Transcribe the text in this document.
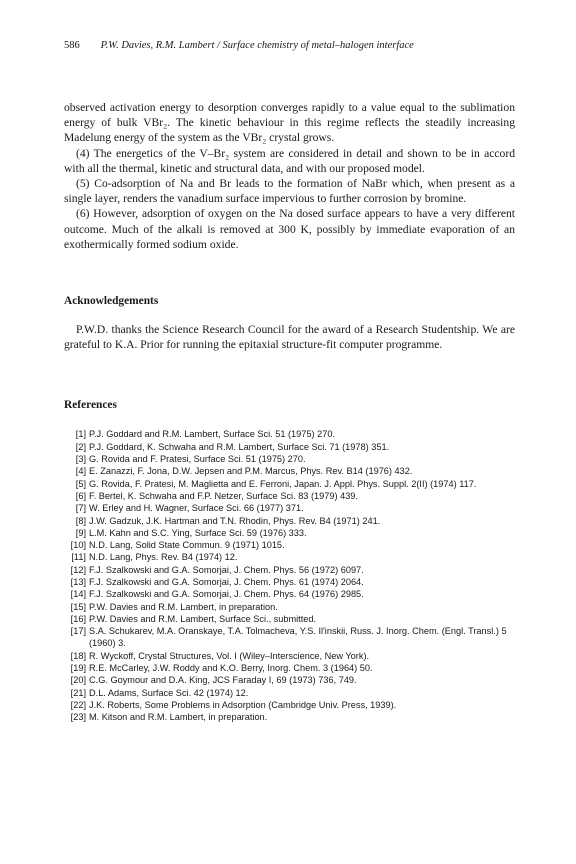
586 P.W. Davies, R.M. Lambert / Surface chemistry of metal–halogen interface

observed activation energy to desorption converges rapidly to a value equal to the sublimation energy of bulk VBr₂. The kinetic behaviour in this regime reflects the steadily increasing Madelung energy of the system as the VBr₂ crystal grows.

(4) The energetics of the V–Br₂ system are considered in detail and shown to be in accord with all the thermal, kinetic and structural data, and with our proposed model.

(5) Co-adsorption of Na and Br leads to the formation of NaBr which, when present as a single layer, renders the vanadium surface impervious to further corrosion by bromine.

(6) However, adsorption of oxygen on the Na dosed surface appears to have a very different outcome. Much of the alkali is removed at 300 K, possibly by immediate evaporation of an exothermically formed sodium oxide.

Acknowledgements

P.W.D. thanks the Science Research Council for the award of a Research Studentship. We are grateful to K.A. Prior for running the epitaxial structure-fit computer programme.

References
[1] P.J. Goddard and R.M. Lambert, Surface Sci. 51 (1975) 270.
[2] P.J. Goddard, K. Schwaha and R.M. Lambert, Surface Sci. 71 (1978) 351.
[3] G. Rovida and F. Pratesi, Surface Sci. 51 (1975) 270.
[4] E. Zanazzi, F. Jona, D.W. Jepsen and P.M. Marcus, Phys. Rev. B14 (1976) 432.
[5] G. Rovida, F. Pratesi, M. Maglietta and E. Ferroni, Japan. J. Appl. Phys. Suppl. 2(II) (1974) 117.
[6] F. Bertel, K. Schwaha and F.P. Netzer, Surface Sci. 83 (1979) 439.
[7] W. Erley and H. Wagner, Surface Sci. 66 (1977) 371.
[8] J.W. Gadzuk, J.K. Hartman and T.N. Rhodin, Phys. Rev. B4 (1971) 241.
[9] L.M. Kahn and S.C. Ying, Surface Sci. 59 (1976) 333.
[10] N.D. Lang, Solid State Commun. 9 (1971) 1015.
[11] N.D. Lang, Phys. Rev. B4 (1974) 12.
[12] F.J. Szalkowski and G.A. Somorjai, J. Chem. Phys. 56 (1972) 6097.
[13] F.J. Szalkowski and G.A. Somorjai, J. Chem. Phys. 61 (1974) 2064.
[14] F.J. Szalkowski and G.A. Somorjai, J. Chem. Phys. 64 (1976) 2985.
[15] P.W. Davies and R.M. Lambert, in preparation.
[16] P.W. Davies and R.M. Lambert, Surface Sci., submitted.
[17] S.A. Schukarev, M.A. Oranskaye, T.A. Tolmacheva, Y.S. Il'inskii, Russ. J. Inorg. Chem. (Engl. Transl.) 5 (1960) 3.
[18] R. Wyckoff, Crystal Structures, Vol. I (Wiley–Interscience, New York).
[19] R.E. McCarley, J.W. Roddy and K.O. Berry, Inorg. Chem. 3 (1964) 50.
[20] C.G. Goymour and D.A. King, JCS Faraday I, 69 (1973) 736, 749.
[21] D.L. Adams, Surface Sci. 42 (1974) 12.
[22] J.K. Roberts, Some Problems in Adsorption (Cambridge Univ. Press, 1939).
[23] M. Kitson and R.M. Lambert, in preparation.
